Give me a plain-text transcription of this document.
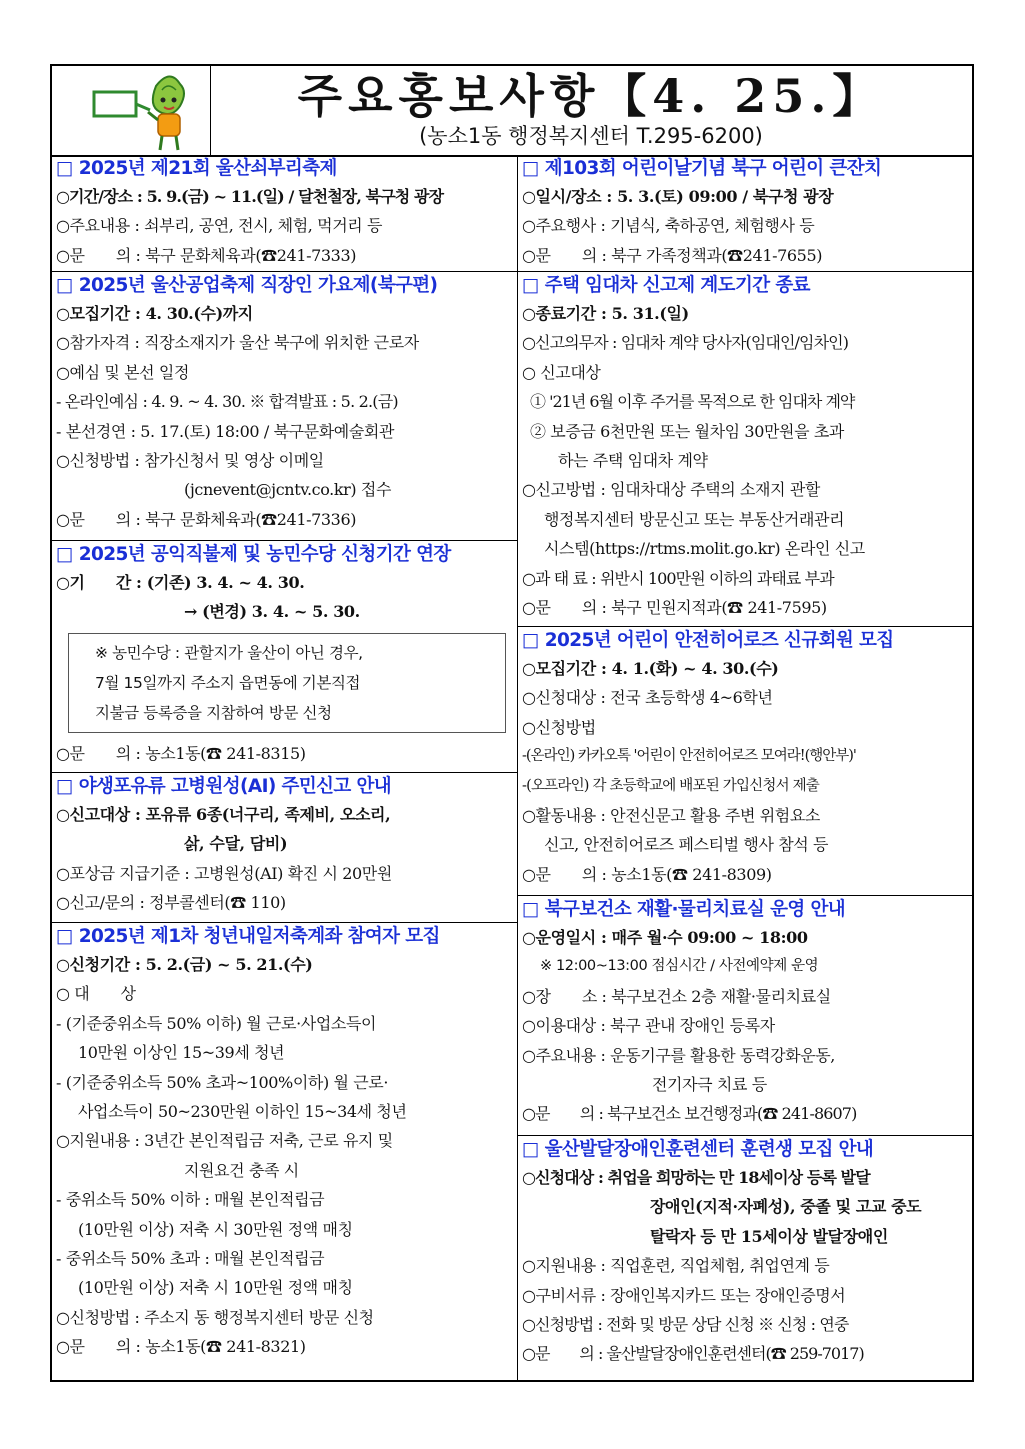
주요홍보사항【4. 25.】
(농소1동 행정복지센터 T.295-6200)
□ 2025년 제21회 울산쇠부리축제
○기간/장소 : 5. 9.(금) ~ 11.(일) / 달천철장, 북구청 광장
○주요내용 : 쇠부리, 공연, 전시, 체험, 먹거리 등
○문　　의 : 북구 문화체육과(☎241-7333)
□ 2025년 울산공업축제 직장인 가요제(북구편)
○모집기간 : 4. 30.(수)까지
○참가자격 : 직장소재지가 울산 북구에 위치한 근로자
○예심 및 본선 일정
- 온라인예심 : 4. 9. ~ 4. 30. ※ 합격발표 : 5. 2.(금)
- 본선경연 : 5. 17.(토) 18:00 / 북구문화예술회관
○신청방법 : 참가신청서 및 영상 이메일
(jcnevent@jcntv.co.kr) 접수
○문　　의 : 북구 문화체육과(☎241-7336)
□ 2025년 공익직불제 및 농민수당 신청기간 연장
○기　　간 : (기존) 3. 4. ~ 4. 30.
→ (변경) 3. 4. ~ 5. 30.
※ 농민수당 : 관할지가 울산이 아닌 경우,
7월 15일까지 주소지 읍면동에 기본직접
지불금 등록증을 지참하여 방문 신청
○문　　의 : 농소1동(☎ 241-8315)
□ 야생포유류 고병원성(AI) 주민신고 안내
○신고대상 : 포유류 6종(너구리, 족제비, 오소리,
삵, 수달, 담비)
○포상금 지급기준 : 고병원성(AI) 확진 시 20만원
○신고/문의 : 정부콜센터(☎ 110)
□ 2025년 제1차 청년내일저축계좌 참여자 모집
○신청기간 : 5. 2.(금) ~ 5. 21.(수)
○ 대　　상
- (기준중위소득 50% 이하) 월 근로·사업소득이
10만원 이상인 15~39세 청년
- (기준중위소득 50% 초과~100%이하) 월 근로·
사업소득이 50~230만원 이하인 15~34세 청년
○지원내용 : 3년간 본인적립금 저축, 근로 유지 및
지원요건 충족 시
- 중위소득 50% 이하 : 매월 본인적립금
(10만원 이상) 저축 시 30만원 정액 매칭
- 중위소득 50% 초과 : 매월 본인적립금
(10만원 이상) 저축 시 10만원 정액 매칭
○신청방법 : 주소지 동 행정복지센터 방문 신청
○문　　의 : 농소1동(☎ 241-8321)
□ 제103회 어린이날기념 북구 어린이 큰잔치
○일시/장소 : 5. 3.(토) 09:00 / 북구청 광장
○주요행사 : 기념식, 축하공연, 체험행사 등
○문　　의 : 북구 가족정책과(☎241-7655)
□ 주택 임대차 신고제 계도기간 종료
○종료기간 : 5. 31.(일)
○신고의무자 : 임대차 계약 당사자(임대인/임차인)
○ 신고대상
① '21년 6월 이후 주거를 목적으로 한 임대차 계약
② 보증금 6천만원 또는 월차임 30만원을 초과
하는 주택 임대차 계약
○신고방법 : 임대차대상 주택의 소재지 관할
행정복지센터 방문신고 또는 부동산거래관리
시스템(https://rtms.molit.go.kr) 온라인 신고
○과 태 료 : 위반시 100만원 이하의 과태료 부과
○문　　의 : 북구 민원지적과(☎ 241-7595)
□ 2025년 어린이 안전히어로즈 신규회원 모집
○모집기간 : 4. 1.(화) ~ 4. 30.(수)
○신청대상 : 전국 초등학생 4~6학년
○신청방법
-(온라인) 카카오톡 '어린이 안전히어로즈 모여라!(행안부)'
-(오프라인) 각 초등학교에 배포된 가입신청서 제출
○활동내용 : 안전신문고 활용 주변 위험요소
신고, 안전히어로즈 페스티벌 행사 참석 등
○문　　의 : 농소1동(☎ 241-8309)
□ 북구보건소 재활·물리치료실 운영 안내
○운영일시 : 매주 월·수 09:00 ~ 18:00
※ 12:00~13:00 점심시간 / 사전예약제 운영
○장　　소 : 북구보건소 2층 재활·물리치료실
○이용대상 : 북구 관내 장애인 등록자
○주요내용 : 운동기구를 활용한 동력강화운동,
전기자극 치료 등
○문　　의 : 북구보건소 보건행정과(☎ 241-8607)
□ 울산발달장애인훈련센터 훈련생 모집 안내
○신청대상 : 취업을 희망하는 만 18세이상 등록 발달
장애인(지적·자폐성), 중졸 및 고교 중도
탈락자 등 만 15세이상 발달장애인
○지원내용 : 직업훈련, 직업체험, 취업연계 등
○구비서류 : 장애인복지카드 또는 장애인증명서
○신청방법 : 전화 및 방문 상담 신청 ※ 신청 : 연중
○문　　의 : 울산발달장애인훈련센터(☎ 259-7017)
